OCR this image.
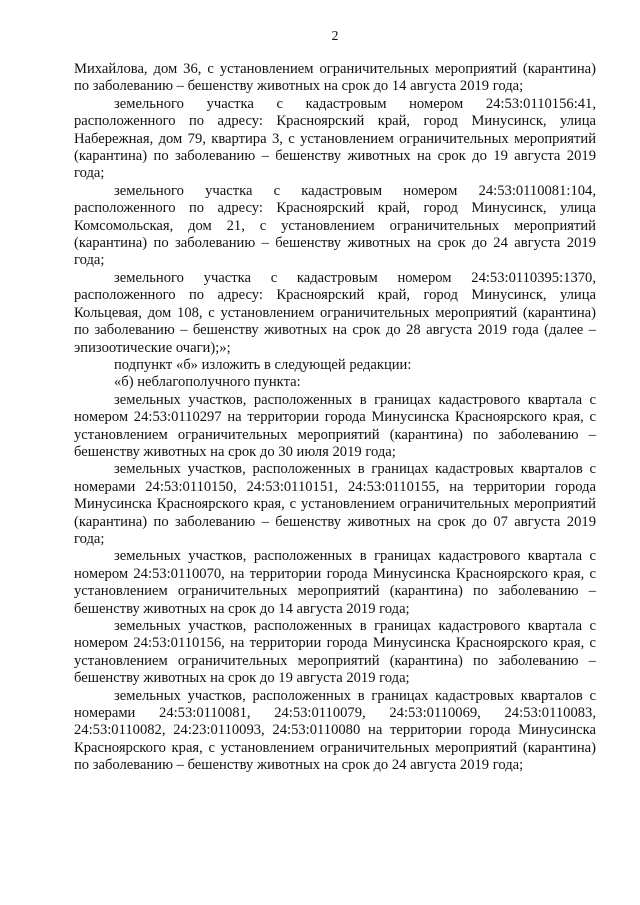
2

Михайлова, дом 36, с установлением ограничительных мероприятий (карантина) по заболеванию – бешенству животных на срок до 14 августа 2019 года;

земельного участка с кадастровым номером 24:53:0110156:41, расположенного по адресу: Красноярский край, город Минусинск, улица Набережная, дом 79, квартира 3, с установлением ограничительных мероприятий (карантина) по заболеванию – бешенству животных на срок до 19 августа 2019 года;

земельного участка с кадастровым номером 24:53:0110081:104, расположенного по адресу: Красноярский край, город Минусинск, улица Комсомольская, дом 21, с установлением ограничительных мероприятий (карантина) по заболеванию – бешенству животных на срок до 24 августа 2019 года;

земельного участка с кадастровым номером 24:53:0110395:1370, расположенного по адресу: Красноярский край, город Минусинск, улица Кольцевая, дом 108, с установлением ограничительных мероприятий (карантина) по заболеванию – бешенству животных на срок до 28 августа 2019 года (далее – эпизоотические очаги);»;

подпункт «б» изложить в следующей редакции:

«б) неблагополучного пункта:

земельных участков, расположенных в границах кадастрового квартала с номером 24:53:0110297 на территории города Минусинска Красноярского края, с установлением ограничительных мероприятий (карантина) по заболеванию – бешенству животных на срок до 30 июля 2019 года;

земельных участков, расположенных в границах кадастровых кварталов с номерами 24:53:0110150, 24:53:0110151, 24:53:0110155, на территории города Минусинска Красноярского края, с установлением ограничительных мероприятий (карантина) по заболеванию – бешенству животных на срок до 07 августа 2019 года;

земельных участков, расположенных в границах кадастрового квартала с номером 24:53:0110070, на территории города Минусинска Красноярского края, с установлением ограничительных мероприятий (карантина) по заболеванию – бешенству животных на срок до 14 августа 2019 года;

земельных участков, расположенных в границах кадастрового квартала с номером 24:53:0110156, на территории города Минусинска Красноярского края, с установлением ограничительных мероприятий (карантина) по заболеванию – бешенству животных на срок до 19 августа 2019 года;

земельных участков, расположенных в границах кадастровых кварталов с номерами 24:53:0110081, 24:53:0110079, 24:53:0110069, 24:53:0110083, 24:53:0110082, 24:23:0110093, 24:53:0110080 на территории города Минусинска Красноярского края, с установлением ограничительных мероприятий (карантина) по заболеванию – бешенству животных на срок до 24 августа 2019 года;
